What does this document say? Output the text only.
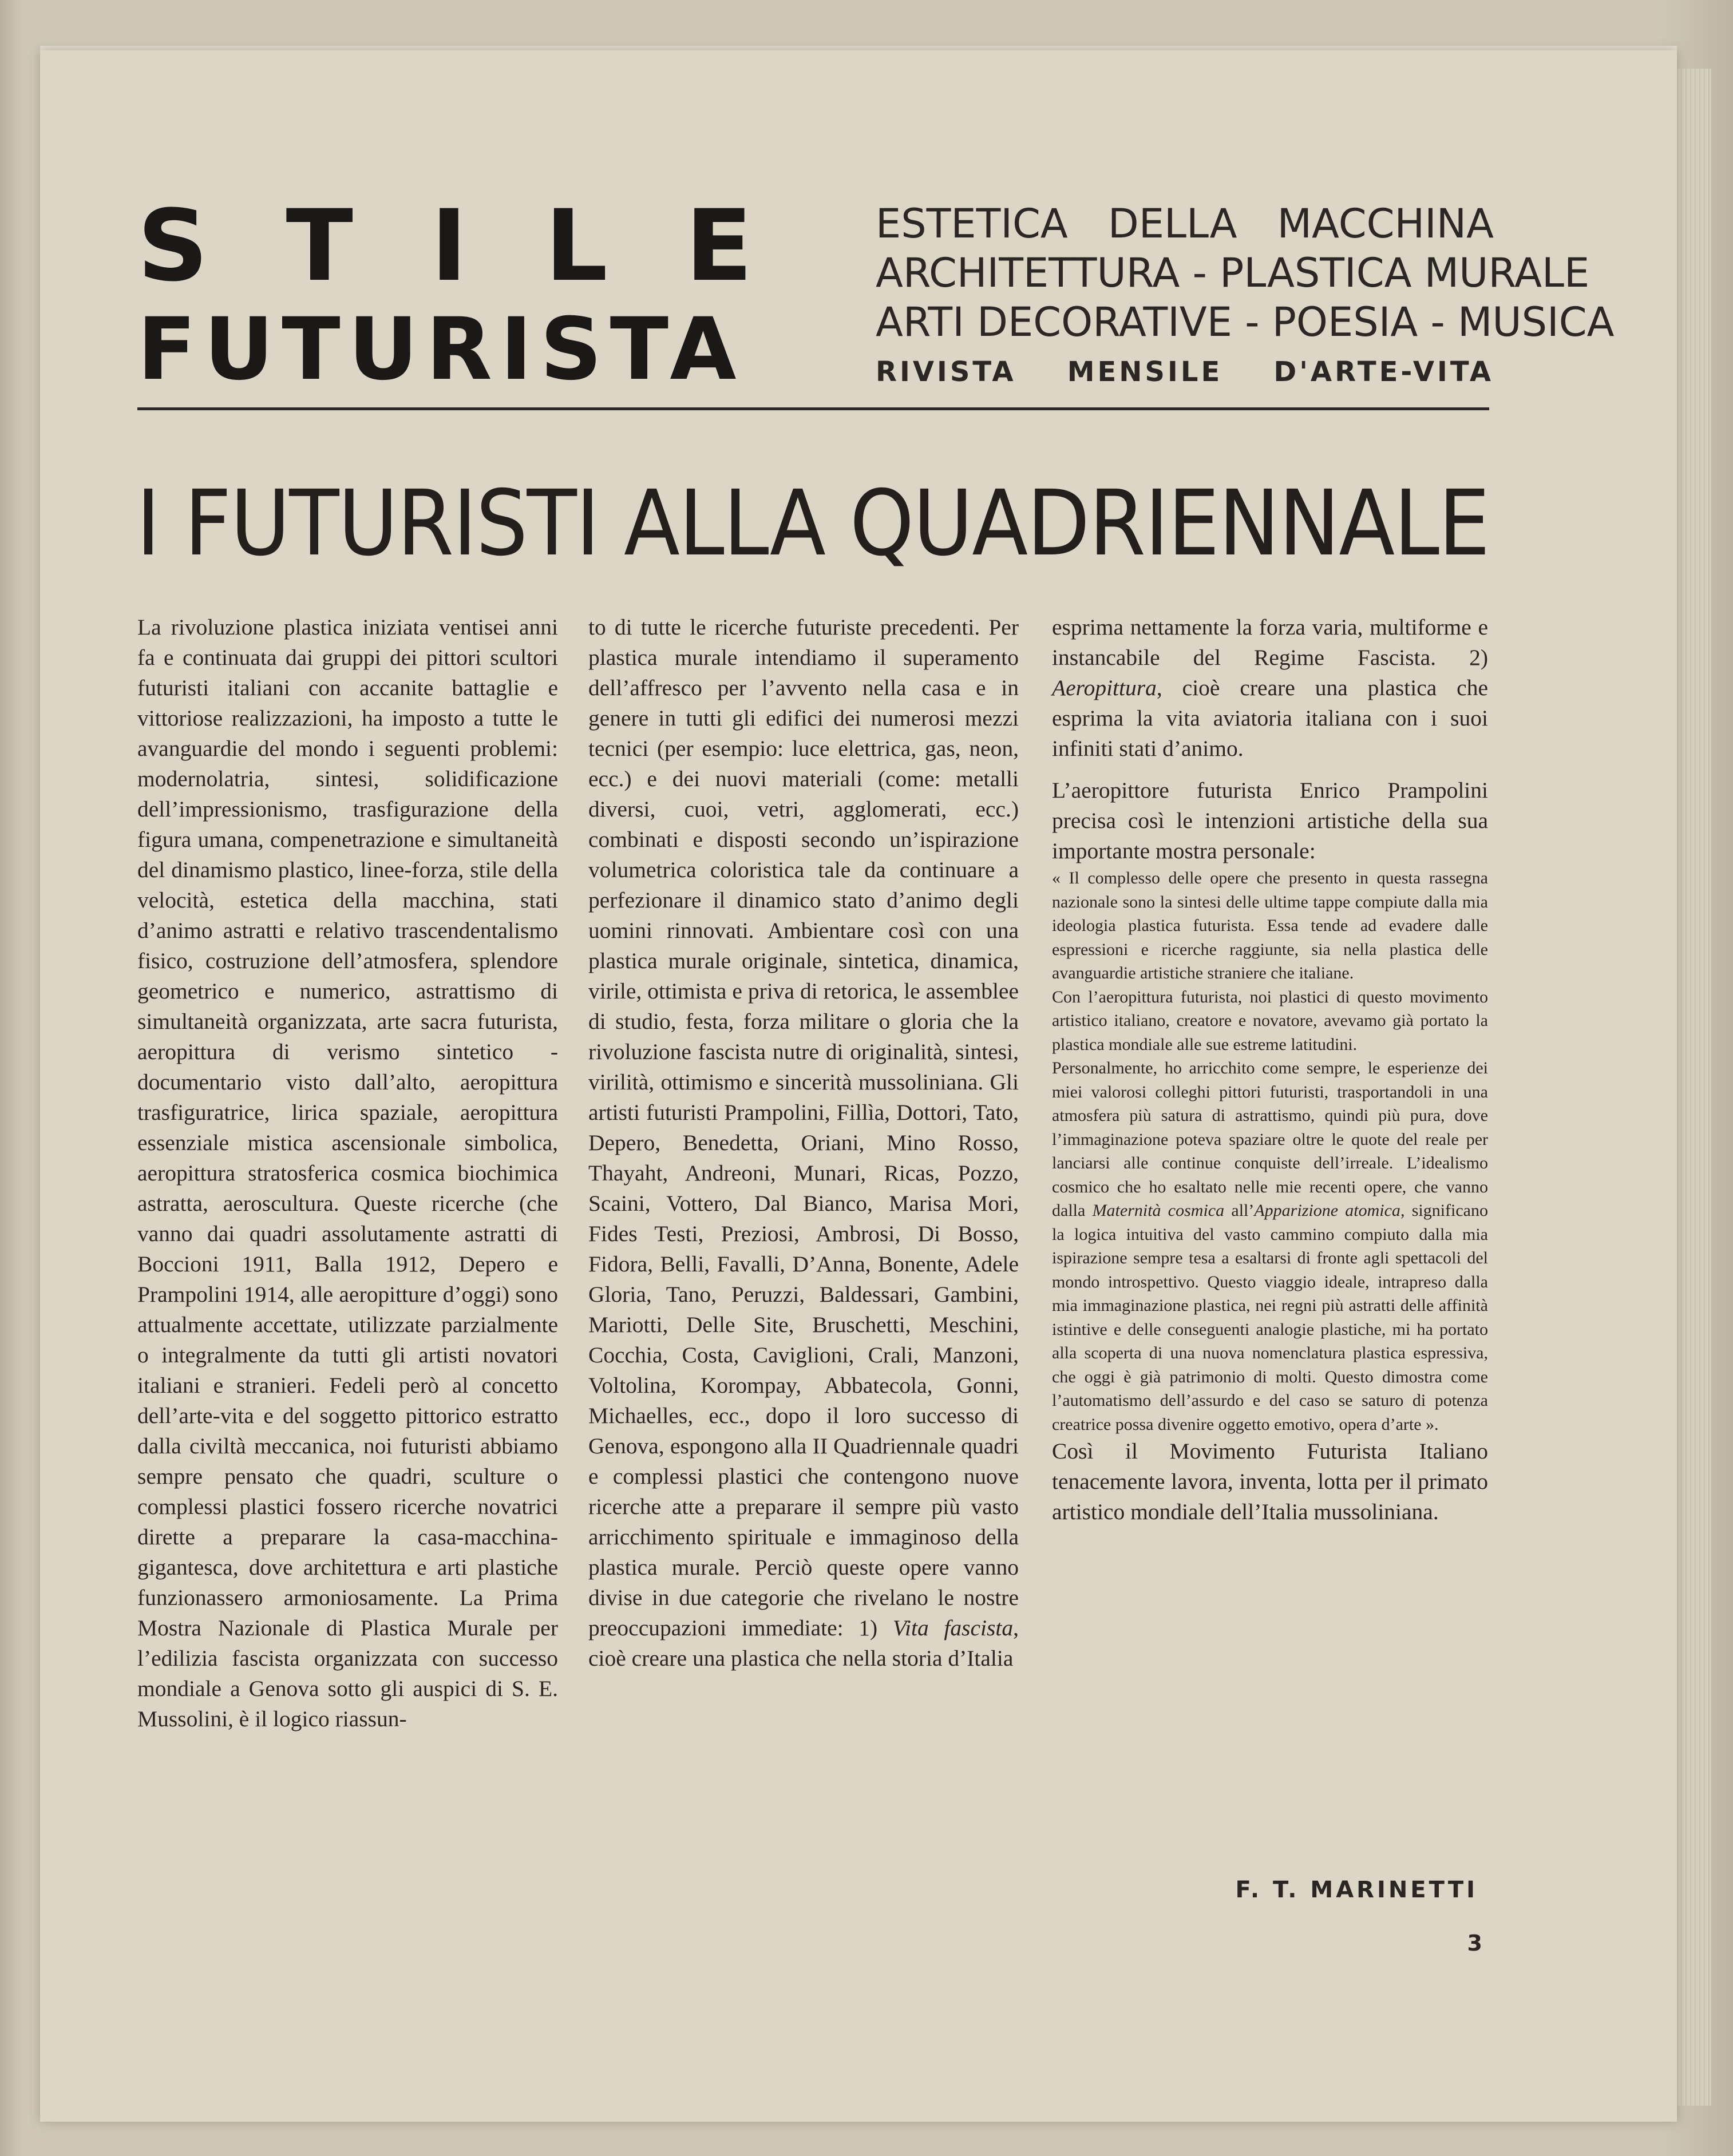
S T I L E
FUTURISTA
ESTETICA DELLA MACCHINA
ARCHITETTURA - PLASTICA MURALE
ARTI DECORATIVE - POESIA - MUSICA
RIVISTA MENSILE D'ARTE-VITA
I FUTURISTI ALLA QUADRIENNALE

La rivoluzione plastica iniziata ventisei anni fa e continuata dai gruppi dei pittori scultori futuristi italiani con accanite battaglie e vittoriose realizzazioni, ha imposto a tutte le avanguardie del mondo i seguenti problemi: modernolatria, sintesi, solidificazione dell’impressionismo, trasfigurazione della figura umana, compenetrazione e simultaneità del dinamismo plastico, linee-forza, stile della velocità, estetica della macchina, stati d’animo astratti e relativo trascendentalismo fisico, costruzione dell’atmosfera, splendore geometrico e numerico, astrattismo di simultaneità organizzata, arte sacra futurista, aeropittura di verismo sintetico - documentario visto dall’alto, aeropittura trasfiguratrice, lirica spaziale, aeropittura essenziale mistica ascensionale simbolica, aeropittura stratosferica cosmica biochimica astratta, aeroscultura. Queste ricerche (che vanno dai quadri assolutamente astratti di Boccioni 1911, Balla 1912, Depero e Prampolini 1914, alle aeropitture d’oggi) sono attualmente accettate, utilizzate parzialmente o integralmente da tutti gli artisti novatori italiani e stranieri. Fedeli però al concetto dell’arte-vita e del soggetto pittorico estratto dalla civiltà meccanica, noi futuristi abbiamo sempre pensato che quadri, sculture o complessi plastici fossero ricerche novatrici dirette a preparare la casa-macchina-gigantesca, dove architettura e arti plastiche funzionassero armoniosamente. La Prima Mostra Nazionale di Plastica Murale per l’edilizia fascista organizzata con successo mondiale a Genova sotto gli auspici di S. E. Mussolini, è il logico riassun-

to di tutte le ricerche futuriste precedenti. Per plastica murale intendiamo il superamento dell’affresco per l’avvento nella casa e in genere in tutti gli edifici dei numerosi mezzi tecnici (per esempio: luce elettrica, gas, neon, ecc.) e dei nuovi materiali (come: metalli diversi, cuoi, vetri, agglomerati, ecc.) combinati e disposti secondo un’ispirazione volumetrica coloristica tale da continuare a perfezionare il dinamico stato d’animo degli uomini rinnovati. Ambientare così con una plastica murale originale, sintetica, dinamica, virile, ottimista e priva di retorica, le assemblee di studio, festa, forza militare o gloria che la rivoluzione fascista nutre di originalità, sintesi, virilità, ottimismo e sincerità mussoliniana. Gli artisti futuristi Prampolini, Fillìa, Dottori, Tato, Depero, Benedetta, Oriani, Mino Rosso, Thayaht, Andreoni, Munari, Ricas, Pozzo, Scaini, Vottero, Dal Bianco, Marisa Mori, Fides Testi, Preziosi, Ambrosi, Di Bosso, Fidora, Belli, Favalli, D’Anna, Bonente, Adele Gloria, Tano, Peruzzi, Baldessari, Gambini, Mariotti, Delle Site, Bruschetti, Meschini, Cocchia, Costa, Caviglioni, Crali, Manzoni, Voltolina, Korompay, Abbatecola, Gonni, Michaelles, ecc., dopo il loro successo di Genova, espongono alla II Quadriennale quadri e complessi plastici che contengono nuove ricerche atte a preparare il sempre più vasto arricchimento spirituale e immaginoso della plastica murale. Perciò queste opere vanno divise in due categorie che rivelano le nostre preoccupazioni immediate: 1) Vita fascista, cioè creare una plastica che nella storia d’Italia

esprima nettamente la forza varia, multiforme e instancabile del Regime Fascista. 2) Aeropittura, cioè creare una plastica che esprima la vita aviatoria italiana con i suoi infiniti stati d’animo.

L’aeropittore futurista Enrico Prampolini precisa così le intenzioni artistiche della sua importante mostra personale:

« Il complesso delle opere che presento in questa rassegna nazionale sono la sintesi delle ultime tappe compiute dalla mia ideologia plastica futurista. Essa tende ad evadere dalle espressioni e ricerche raggiunte, sia nella plastica delle avanguardie artistiche straniere che italiane.

Con l’aeropittura futurista, noi plastici di questo movimento artistico italiano, creatore e novatore, avevamo già portato la plastica mondiale alle sue estreme latitudini.

Personalmente, ho arricchito come sempre, le esperienze dei miei valorosi colleghi pittori futuristi, trasportandoli in una atmosfera più satura di astrattismo, quindi più pura, dove l’immaginazione poteva spaziare oltre le quote del reale per lanciarsi alle continue conquiste dell’irreale. L’idealismo cosmico che ho esaltato nelle mie recenti opere, che vanno dalla Maternità cosmica all’Apparizione atomica, significano la logica intuitiva del vasto cammino compiuto dalla mia ispirazione sempre tesa a esaltarsi di fronte agli spettacoli del mondo introspettivo. Questo viaggio ideale, intrapreso dalla mia immaginazione plastica, nei regni più astratti delle affinità istintive e delle conseguenti analogie plastiche, mi ha portato alla scoperta di una nuova nomenclatura plastica espressiva, che oggi è già patrimonio di molti. Questo dimostra come l’automatismo dell’assurdo e del caso se saturo di potenza creatrice possa divenire oggetto emotivo, opera d’arte ».

Così il Movimento Futurista Italiano tenacemente lavora, inventa, lotta per il primato artistico mondiale dell’Italia mussoliniana.

F. T. MARINETTI
3
